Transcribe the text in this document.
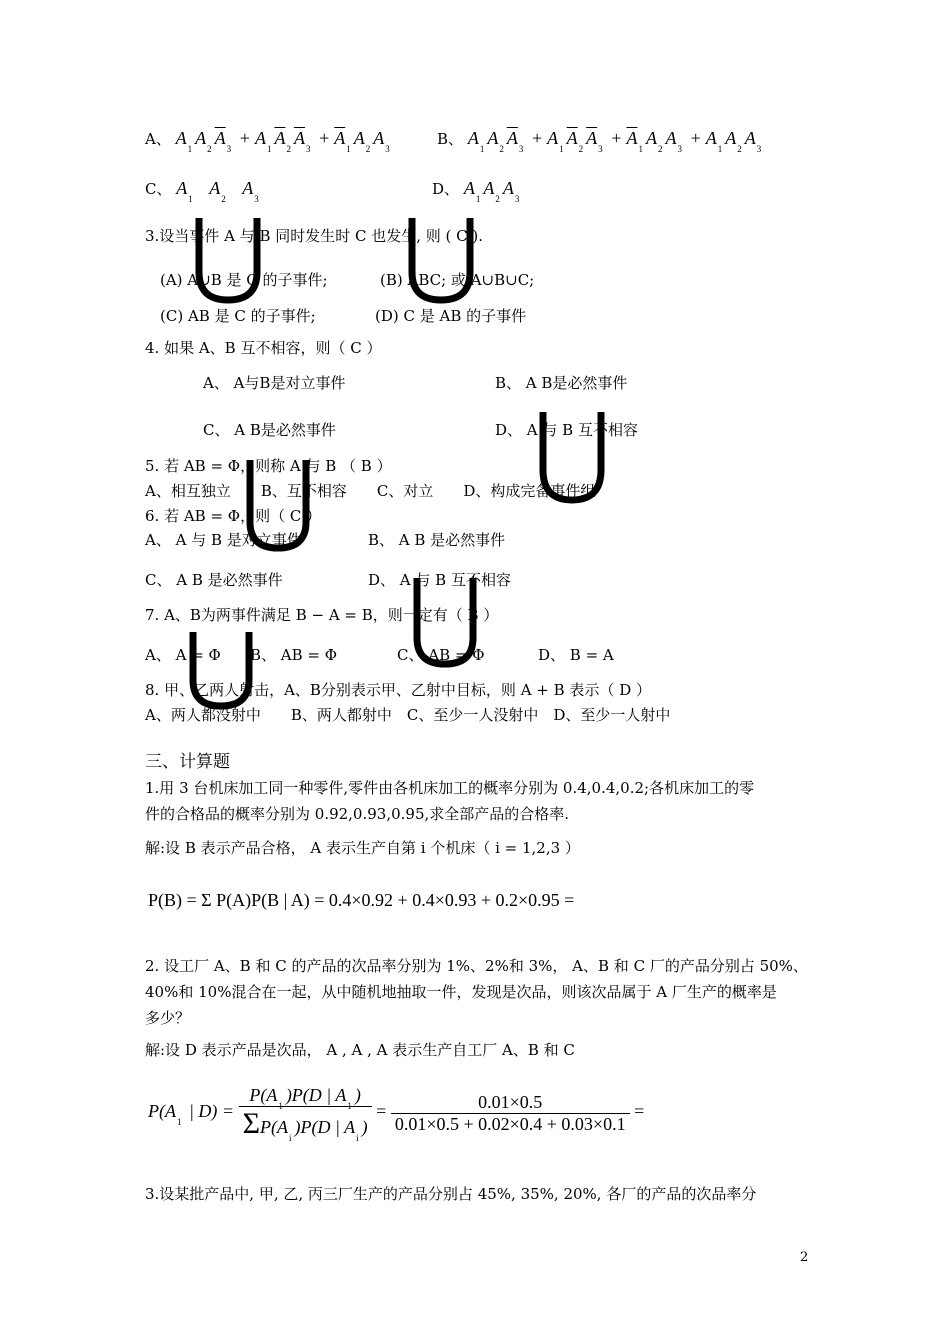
A、 $A_1A_2\overline{A}_3 + A_1\overline{A}_2\overline{A}_3 + \overline{A}_1A_2A_3$
B、 $A_1A_2\overline{A}_3 + A_1\overline{A}_2\overline{A}_3 + \overline{A}_1A_2A_3 + A_1A_2A_3$
C、 $A_1$   $A_2$   $A_3$
D、 $A_1A_2A_3$
3.设当事件 A 与 B 同时发生时 C 也发生, 则 ( C ).
(A) A∪B 是 C 的子事件;	(B) ABC; 或 A∪B∪C;
(C) AB 是 C 的子事件;	(D) C 是 AB 的子事件
4. 如果 A、B 互不相容，则（ C ）
A、 A与B是对立事件	B、 A B是必然事件
C、 A B是必然事件	D、 A 与 B 互不相容
5. 若 AB = Φ，则称 A 与 B （ B ）
A、相互独立　　B、互不相容　　C、对立　　D、构成完备事件组
6. 若 AB = Φ，则（ C ）
A、 A 与 B 是对立事件	B、 A B 是必然事件
C、 A B 是必然事件	D、 A 与 B 互不相容
7. A、B为两事件满足 B − A = B，则一定有（ B ）
A、 A = Φ B、 AB = Φ	C、 AB = Φ	D、 B = A
8. 甲、乙两人射击，A、B分别表示甲、乙射中目标，则 A + B 表示（ D ）
A、两人都没射中　　B、两人都射中　C、至少一人没射中　D、至少一人射中
三、计算题
1.用 3 台机床加工同一种零件,零件由各机床加工的概率分别为 0.4,0.4,0.2;各机床加工的零
件的合格品的概率分别为 0.92,0.93,0.95,求全部产品的合格率.
解:设 B 表示产品合格， A 表示生产自第 i 个机床（ i = 1,2,3 ）
P(B) = Σ P(A)P(B | A) = 0.4×0.92 + 0.4×0.93 + 0.2×0.95 =
2. 设工厂 A、B 和 C 的产品的次品率分别为 1%、2%和 3%， A、B 和 C 厂的产品分别占 50%、
40%和 10%混合在一起，从中随机地抽取一件，发现是次品，则该次品属于 A 厂生产的概率是
多少？
解:设 D 表示产品是次品， A , A , A 表示生产自工厂 A、B 和 C
$P(A_1$ | $D) = \frac{P(A_1)P(D | A_1)}{\Sigma P(A_i)P(D | A_i)} = \frac{0.01\times 0.5}{0.01\times 0.5 + 0.02\times 0.4 + 0.03\times 0.1}$ =
3.设某批产品中, 甲, 乙, 丙三厂生产的产品分别占 45%, 35%, 20%, 各厂的产品的次品率分
2
